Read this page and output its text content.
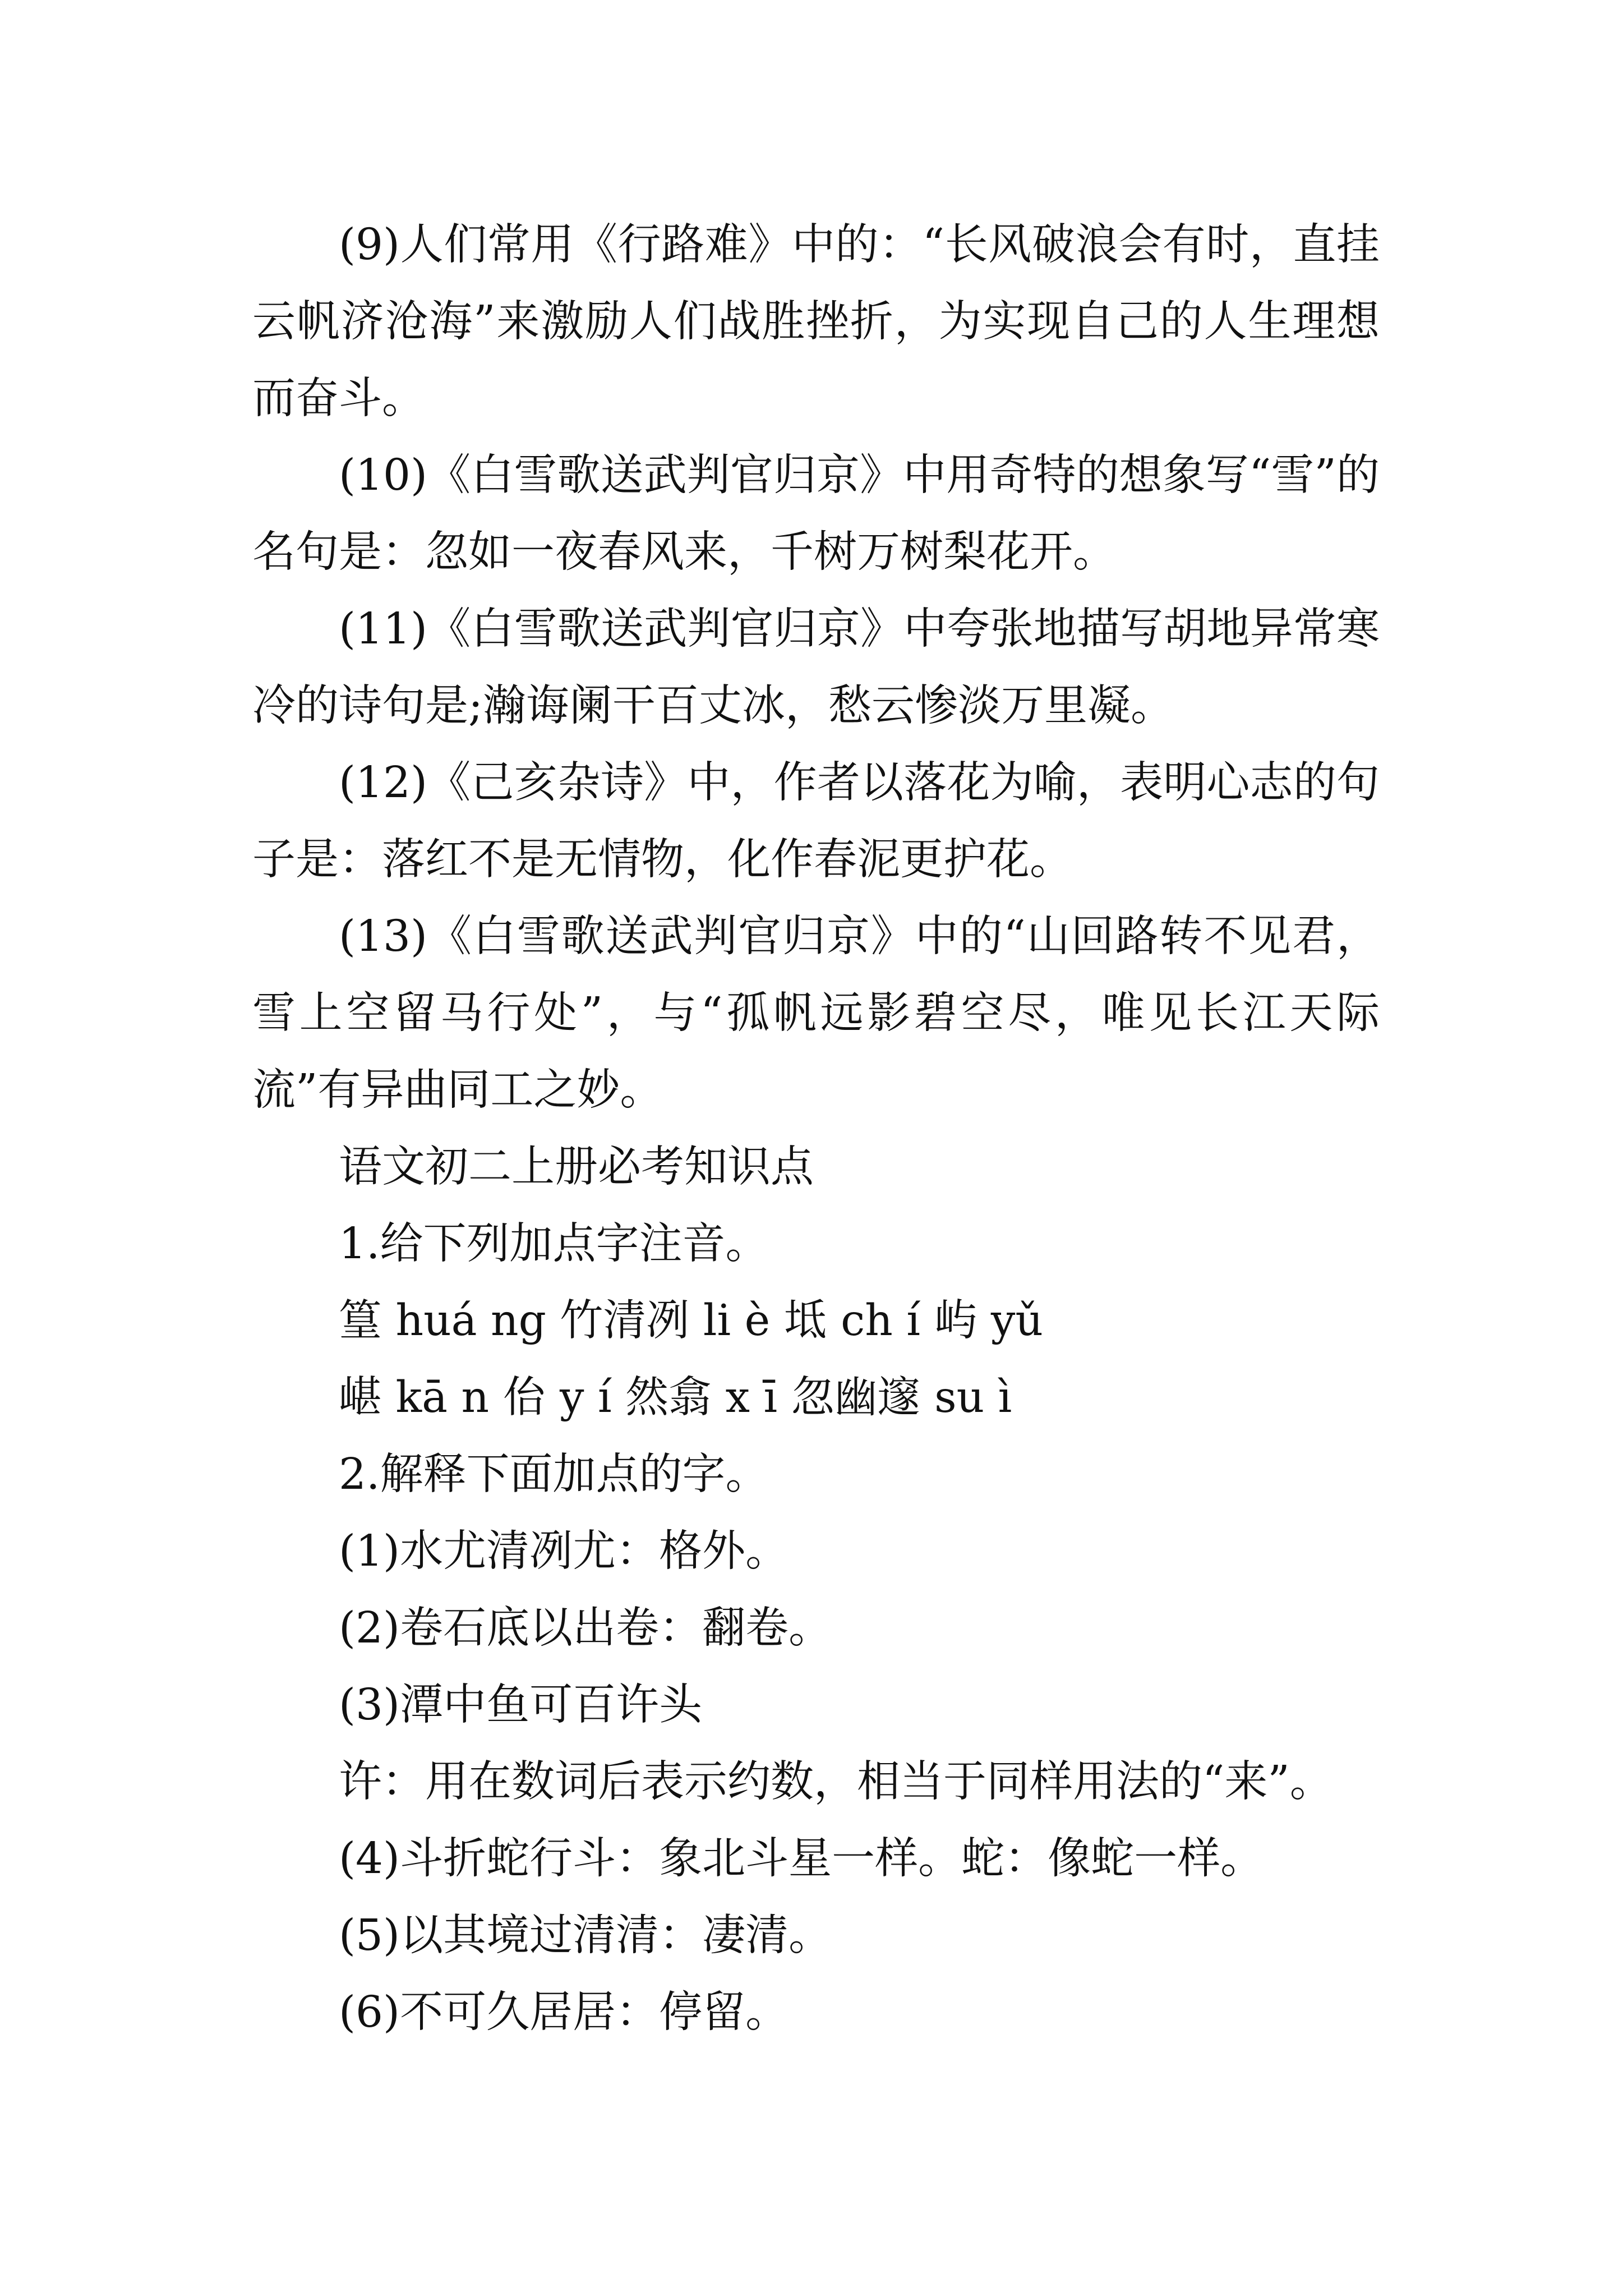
(9)人们常用《行路难》中的：“长风破浪会有时，直挂云帆济沧海”来激励人们战胜挫折，为实现自己的人生理想而奋斗。

(10)《白雪歌送武判官归京》中用奇特的想象写“雪”的名句是：忽如一夜春风来，千树万树梨花开。

(11)《白雪歌送武判官归京》中夸张地描写胡地异常寒冷的诗句是;瀚诲阑干百丈冰，愁云惨淡万里凝。

(12)《己亥杂诗》中，作者以落花为喻，表明心志的句子是：落红不是无情物，化作春泥更护花。

(13)《白雪歌送武判官归京》中的“山回路转不见君，雪上空留马行处”，与“孤帆远影碧空尽，唯见长江天际流”有异曲同工之妙。

语文初二上册必考知识点

1.给下列加点字注音。

篁 huá ng 竹清冽 li è 坻 ch í 屿 yǔ

嵁 kā n 佁 y í 然翕 x ī 忽幽邃 su ì

2.解释下面加点的字。

(1)水尤清冽尤：格外。

(2)卷石底以出卷：翻卷。

(3)潭中鱼可百许头

许：用在数词后表示约数，相当于同样用法的“来”。

(4)斗折蛇行斗：象北斗星一样。蛇：像蛇一样。

(5)以其境过清清：凄清。

(6)不可久居居：停留。
